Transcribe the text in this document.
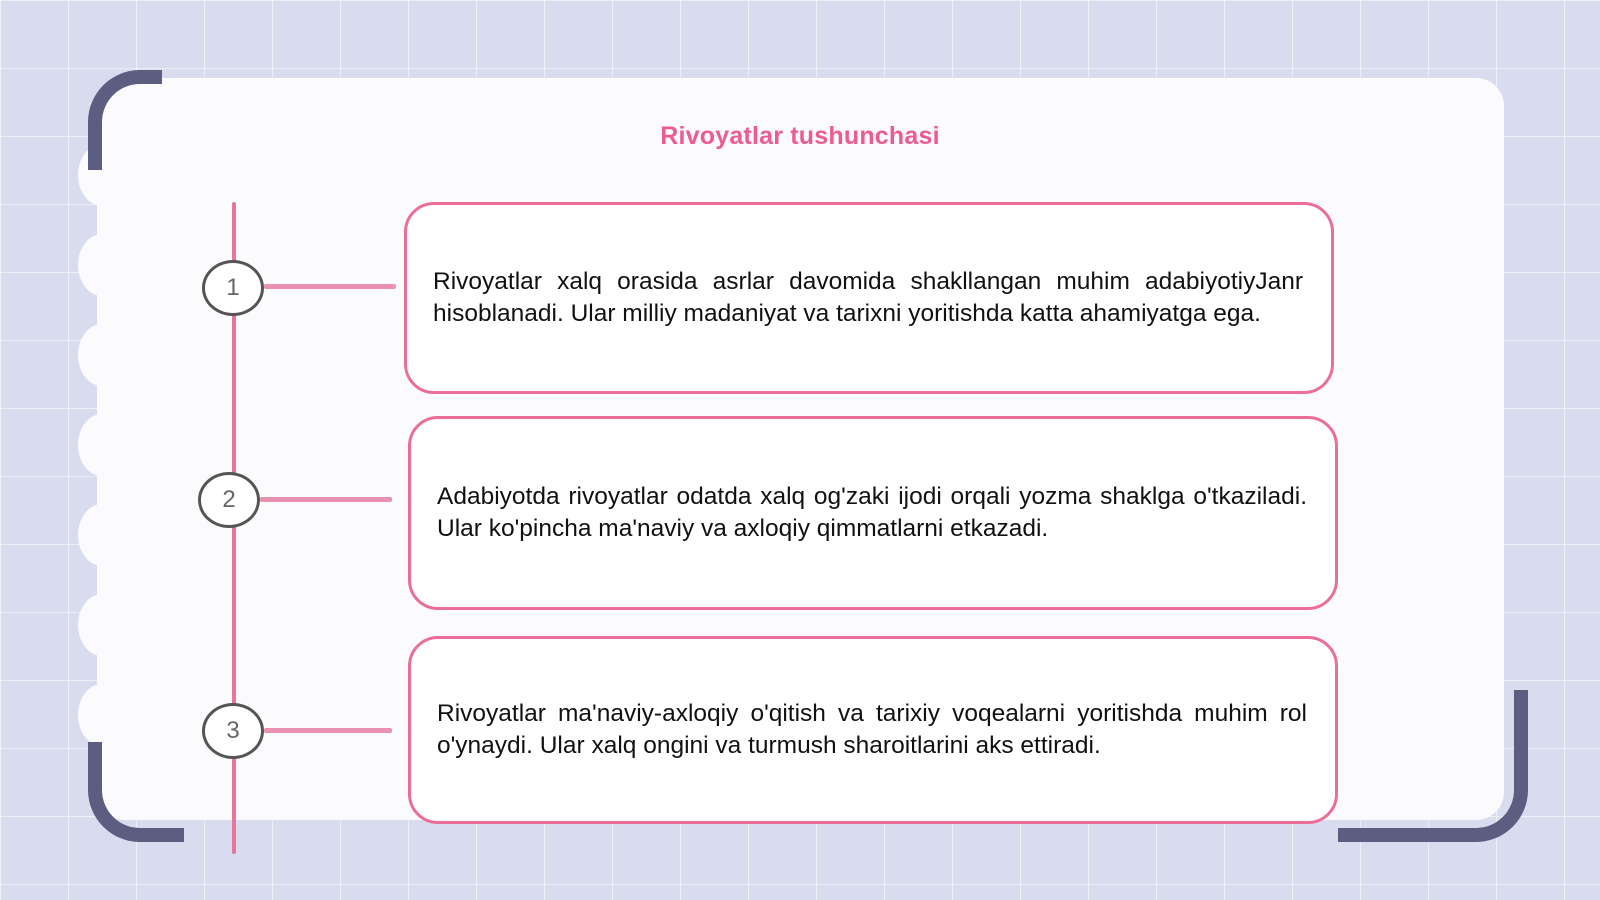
Rivoyatlar tushunchasi
1	Rivoyatlar xalq orasida asrlar davomida shakllangan muhim adabiyotiyJanr hisoblanadi. Ular milliy madaniyat va tarixni yoritishda katta ahamiyatga ega.

2	Adabiyotda rivoyatlar odatda xalq og'zaki ijodi orqali yozma shaklga o'tkaziladi. Ular ko'pincha ma'naviy va axloqiy qimmatlarni etkazadi.

3

Rivoyatlar ma'naviy-axloqiy o'qitish va tarixiy voqealarni yoritishda muhim rol o'ynaydi. Ular xalq ongini va turmush sharoitlarini aks ettiradi.
